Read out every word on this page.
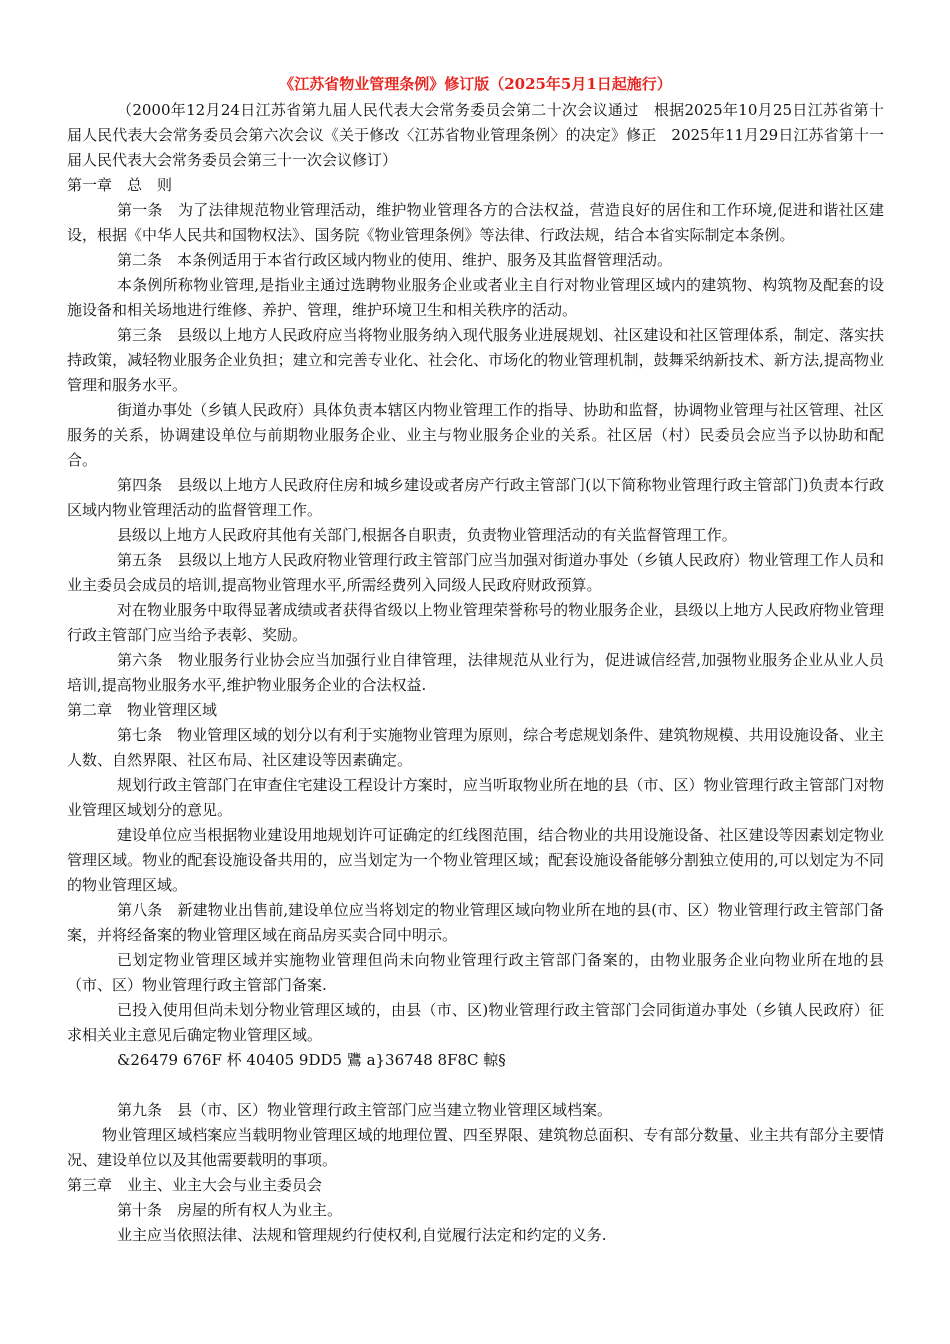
《江苏省物业管理条例》修订版（2025年5月1日起施行）
（2000年12月24日江苏省第九届人民代表大会常务委员会第二十次会议通过　根据2025年10月25日江苏省第十届人民代表大会常务委员会第六次会议《关于修改〈江苏省物业管理条例〉的决定》修正　2025年11月29日江苏省第十一届人民代表大会常务委员会第三十一次会议修订）
第一章　总　则
第一条　为了法律规范物业管理活动，维护物业管理各方的合法权益，营造良好的居住和工作环境,促进和谐社区建设，根据《中华人民共和国物权法》、国务院《物业管理条例》等法律、行政法规，结合本省实际制定本条例。
第二条　本条例适用于本省行政区域内物业的使用、维护、服务及其监督管理活动。
本条例所称物业管理,是指业主通过选聘物业服务企业或者业主自行对物业管理区域内的建筑物、构筑物及配套的设施设备和相关场地进行维修、养护、管理，维护环境卫生和相关秩序的活动。
第三条　县级以上地方人民政府应当将物业服务纳入现代服务业进展规划、社区建设和社区管理体系，制定、落实扶持政策，减轻物业服务企业负担；建立和完善专业化、社会化、市场化的物业管理机制，鼓舞采纳新技术、新方法,提高物业管理和服务水平。
街道办事处（乡镇人民政府）具体负责本辖区内物业管理工作的指导、协助和监督，协调物业管理与社区管理、社区服务的关系，协调建设单位与前期物业服务企业、业主与物业服务企业的关系。社区居（村）民委员会应当予以协助和配合。
第四条　县级以上地方人民政府住房和城乡建设或者房产行政主管部门(以下简称物业管理行政主管部门)负责本行政区域内物业管理活动的监督管理工作。
县级以上地方人民政府其他有关部门,根据各自职责，负责物业管理活动的有关监督管理工作。
第五条　县级以上地方人民政府物业管理行政主管部门应当加强对街道办事处（乡镇人民政府）物业管理工作人员和业主委员会成员的培训,提高物业管理水平,所需经费列入同级人民政府财政预算。
对在物业服务中取得显著成绩或者获得省级以上物业管理荣誉称号的物业服务企业，县级以上地方人民政府物业管理行政主管部门应当给予表彰、奖励。
第六条　物业服务行业协会应当加强行业自律管理，法律规范从业行为，促进诚信经营,加强物业服务企业从业人员培训,提高物业服务水平,维护物业服务企业的合法权益.
第二章　物业管理区域
第七条　物业管理区域的划分以有利于实施物业管理为原则，综合考虑规划条件、建筑物规模、共用设施设备、业主人数、自然界限、社区布局、社区建设等因素确定。
规划行政主管部门在审查住宅建设工程设计方案时，应当听取物业所在地的县（市、区）物业管理行政主管部门对物业管理区域划分的意见。
建设单位应当根据物业建设用地规划许可证确定的红线图范围，结合物业的共用设施设备、社区建设等因素划定物业管理区域。物业的配套设施设备共用的，应当划定为一个物业管理区域；配套设施设备能够分割独立使用的,可以划定为不同的物业管理区域。
第八条　新建物业出售前,建设单位应当将划定的物业管理区域向物业所在地的县(市、区）物业管理行政主管部门备案，并将经备案的物业管理区域在商品房买卖合同中明示。
已划定物业管理区域并实施物业管理但尚未向物业管理行政主管部门备案的，由物业服务企业向物业所在地的县（市、区）物业管理行政主管部门备案.
已投入使用但尚未划分物业管理区域的，由县（市、区)物业管理行政主管部门会同街道办事处（乡镇人民政府）征求相关业主意见后确定物业管理区域。
&26479 676F 杯 40405 9DD5 鷕 a}36748 8F8C 輬§
第九条　县（市、区）物业管理行政主管部门应当建立物业管理区域档案。
物业管理区域档案应当载明物业管理区域的地理位置、四至界限、建筑物总面积、专有部分数量、业主共有部分主要情况、建设单位以及其他需要载明的事项。
第三章　业主、业主大会与业主委员会
第十条　房屋的所有权人为业主。
业主应当依照法律、法规和管理规约行使权利,自觉履行法定和约定的义务.
